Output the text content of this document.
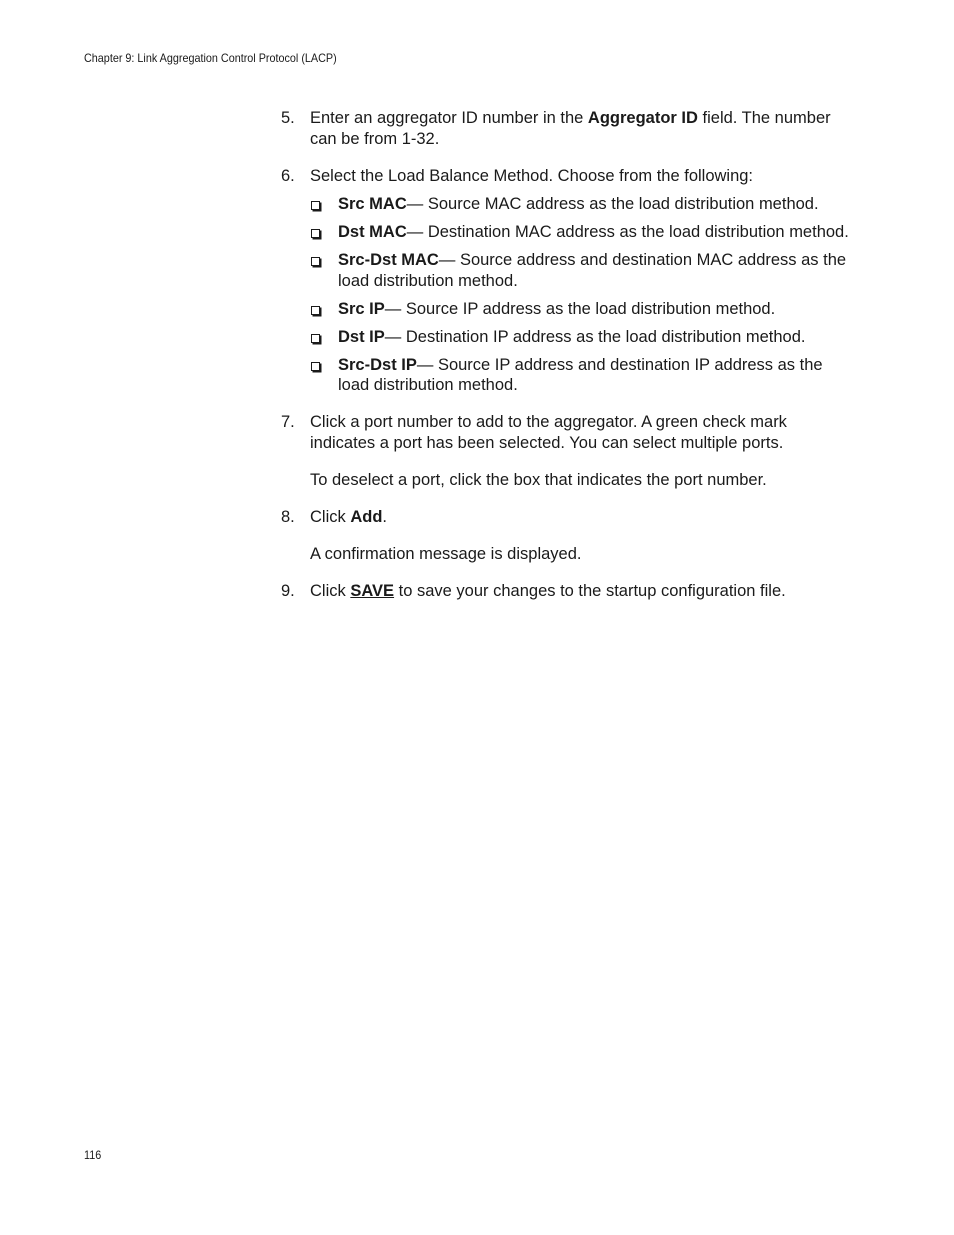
Chapter 9: Link Aggregation Control Protocol (LACP)
5. Enter an aggregator ID number in the Aggregator ID field. The number can be from 1-32.
6. Select the Load Balance Method. Choose from the following:
Src MAC— Source MAC address as the load distribution method.
Dst MAC— Destination MAC address as the load distribution method.
Src-Dst MAC— Source address and destination MAC address as the load distribution method.
Src IP— Source IP address as the load distribution method.
Dst IP— Destination IP address as the load distribution method.
Src-Dst IP— Source IP address and destination IP address as the load distribution method.
7. Click a port number to add to the aggregator. A green check mark indicates a port has been selected. You can select multiple ports.

To deselect a port, click the box that indicates the port number.

8. Click Add.

A confirmation message is displayed.

9. Click SAVE to save your changes to the startup configuration file.
116
